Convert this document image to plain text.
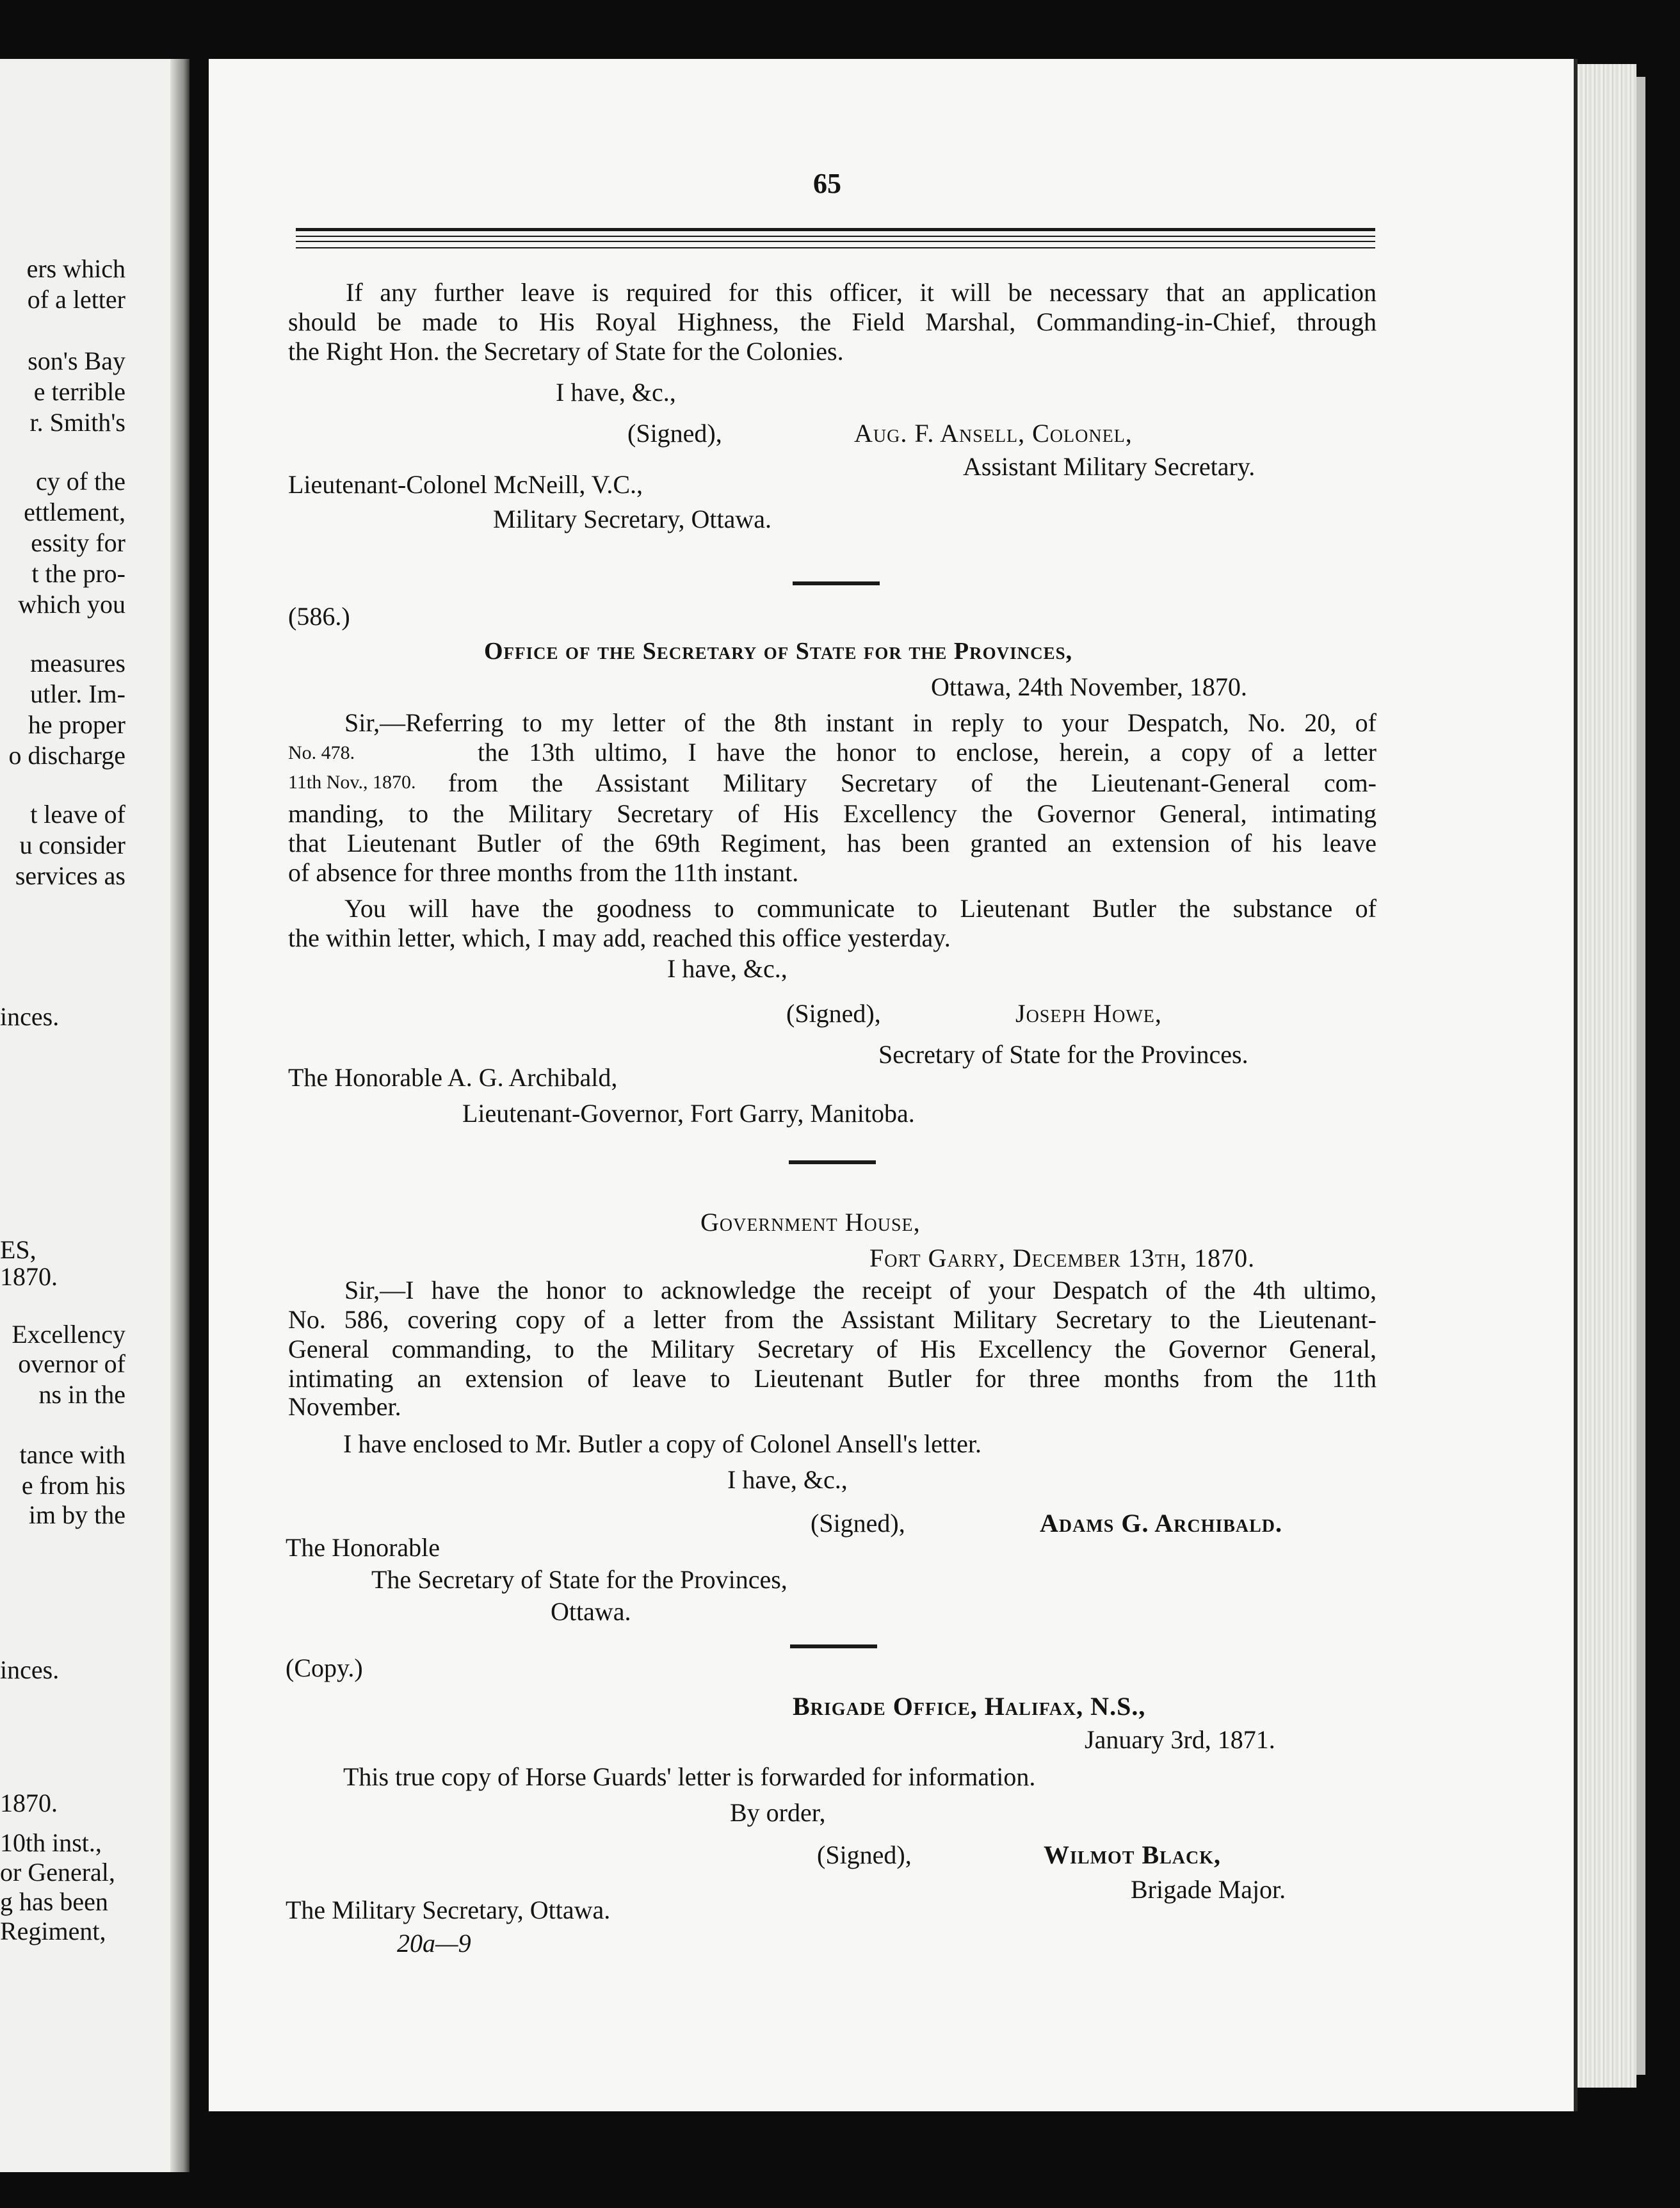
ers which
of a letter
son's Bay
e terrible
r. Smith's
cy of the
ettlement,
essity for
t the pro-
which you
measures
utler. Im-
he proper
o discharge
t leave of
u consider
services as
inces.
ES,
1870.
Excellency
overnor of
ns in the
tance with
e from his
im by the
inces.
1870.
10th inst.,
or General,
g has been
Regiment,
65
If any further leave is required for this officer, it will be necessary that an application
should be made to His Royal Highness, the Field Marshal, Commanding-in-Chief, through
the Right Hon. the Secretary of State for the Colonies.
I have, &c.,
(Signed),	Aug. F. Ansell, Colonel,
Assistant Military Secretary.
Lieutenant-Colonel McNeill, V.C.,
Military Secretary, Ottawa.
(586.)
Office of the Secretary of State for the Provinces,
Ottawa, 24th November, 1870.
Sir,—Referring to my letter of the 8th instant in reply to your Despatch, No. 20, of
No. 478.	the 13th ultimo, I have the honor to enclose, herein, a copy of a letter
11th Nov., 1870. from the Assistant Military Secretary of the Lieutenant-General com-
manding, to the Military Secretary of His Excellency the Governor General, intimating
that Lieutenant Butler of the 69th Regiment, has been granted an extension of his leave
of absence for three months from the 11th instant.
You will have the goodness to communicate to Lieutenant Butler the substance of
the within letter, which, I may add, reached this office yesterday.
I have, &c.,
(Signed),	Joseph Howe,
Secretary of State for the Provinces.
The Honorable A. G. Archibald,
Lieutenant-Governor, Fort Garry, Manitoba.
Government House,
Fort Garry, December 13th, 1870.
Sir,—I have the honor to acknowledge the receipt of your Despatch of the 4th ultimo,
No. 586, covering copy of a letter from the Assistant Military Secretary to the Lieutenant-
General commanding, to the Military Secretary of His Excellency the Governor General,
intimating an extension of leave to Lieutenant Butler for three months from the 11th
November.
I have enclosed to Mr. Butler a copy of Colonel Ansell's letter.
I have, &c.,
(Signed),	Adams G. Archibald.
The Honorable
The Secretary of State for the Provinces,
Ottawa.
(Copy.)
Brigade Office, Halifax, N.S.,
January 3rd, 1871.
This true copy of Horse Guards' letter is forwarded for information.
By order,
(Signed),	Wilmot Black,
Brigade Major.
The Military Secretary, Ottawa.
20a—9
